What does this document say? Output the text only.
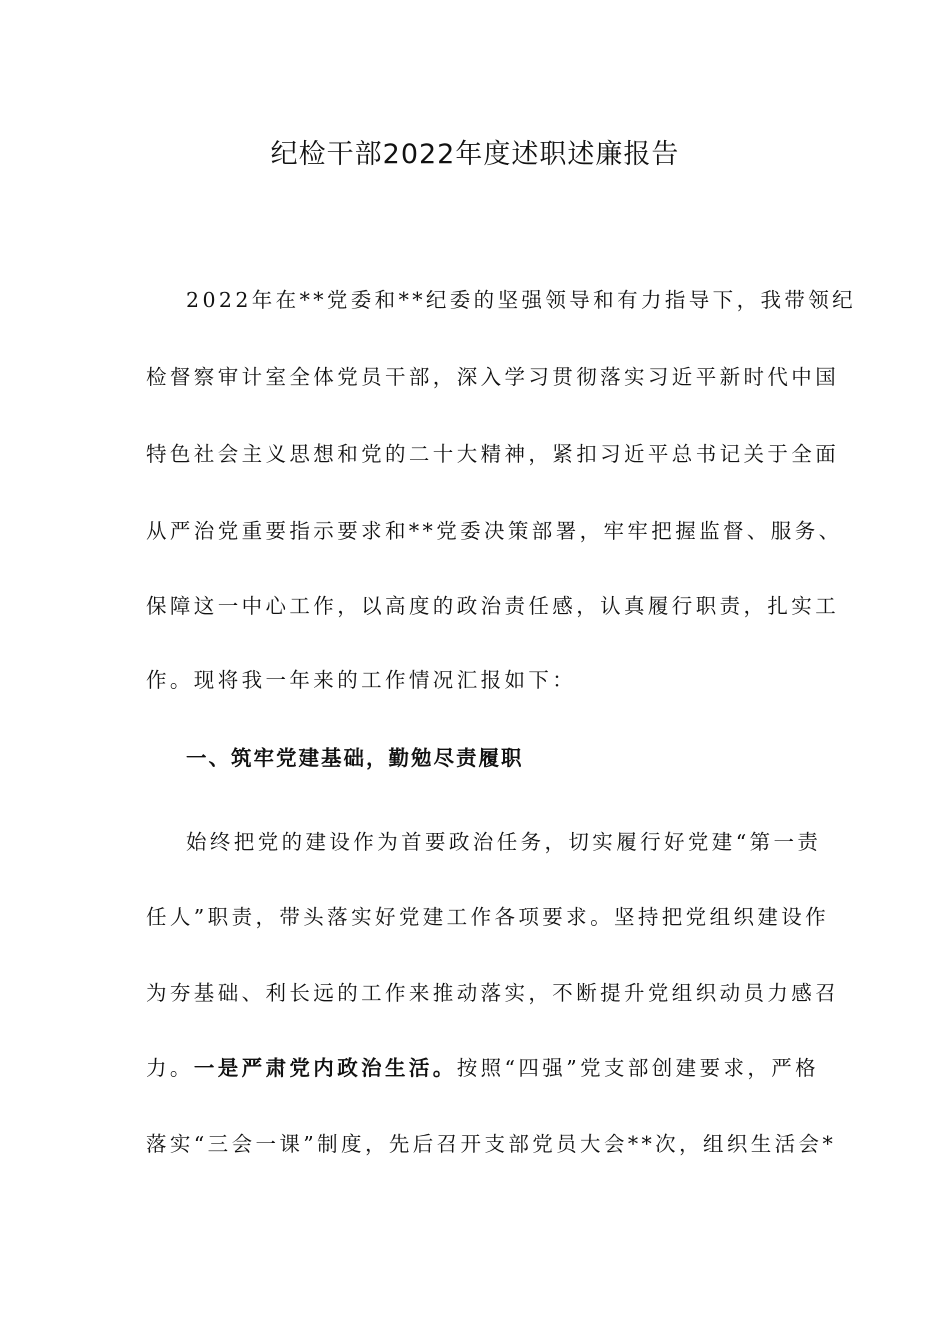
纪检干部2022年度述职述廉报告
2022年在**党委和**纪委的坚强领导和有力指导下，我带领纪
检督察审计室全体党员干部，深入学习贯彻落实习近平新时代中国
特色社会主义思想和党的二十大精神，紧扣习近平总书记关于全面
从严治党重要指示要求和**党委决策部署，牢牢把握监督、服务、
保障这一中心工作，以高度的政治责任感，认真履行职责，扎实工
作。现将我一年来的工作情况汇报如下：
一、筑牢党建基础，勤勉尽责履职
始终把党的建设作为首要政治任务，切实履行好党建“第一责
任人”职责，带头落实好党建工作各项要求。坚持把党组织建设作
为夯基础、利长远的工作来推动落实，不断提升党组织动员力感召
力。一是严肃党内政治生活。按照“四强”党支部创建要求，严格
落实“三会一课”制度，先后召开支部党员大会**次，组织生活会*
